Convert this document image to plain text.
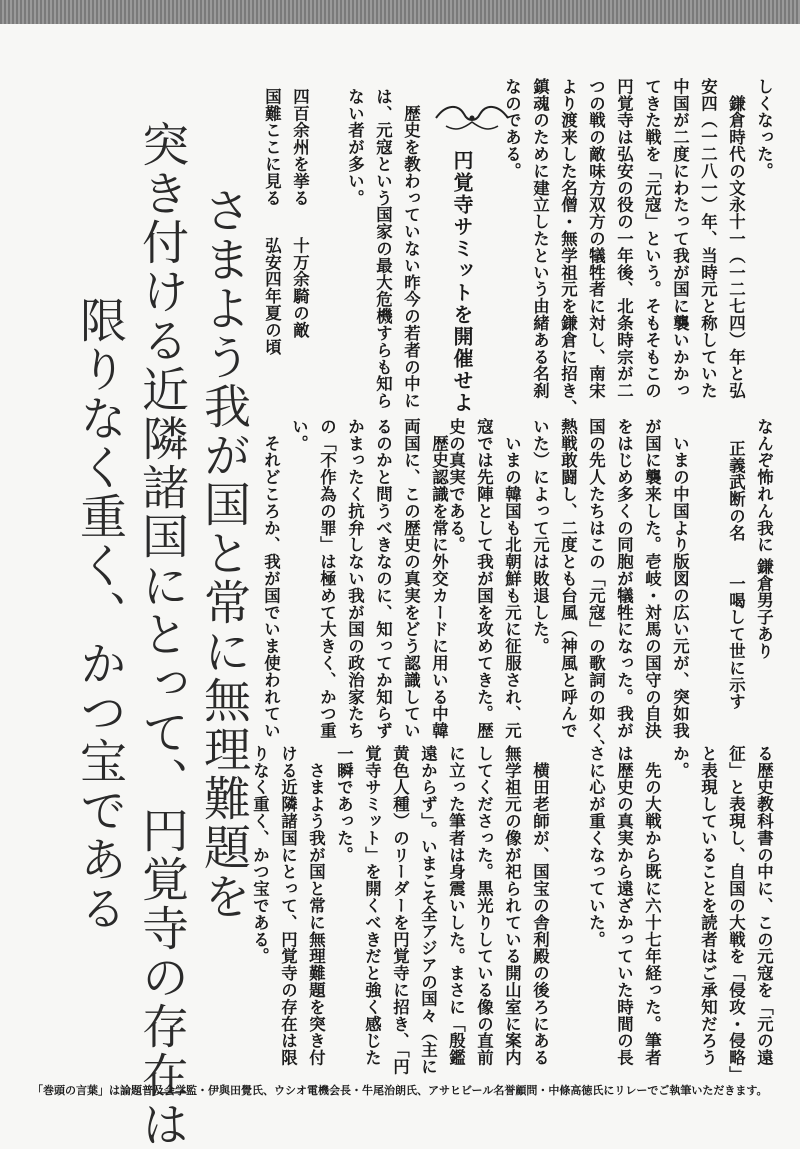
さまよう我が国と常に無理難題を
突き付ける近隣諸国にとって、円覚寺の存在は
限りなく重く、かつ宝である
円覚寺サミットを開催せよ
しくなった。
　鎌倉時代の文永十一（一二七四）年と弘
安四（一二八一）年、当時元と称していた
中国が二度にわたって我が国に襲いかかっ
てきた戦を「元寇」という。そもそもこの
円覚寺は弘安の役の一年後、北条時宗が二
つの戦の敵味方双方の犠牲者に対し、南宋
より渡来した名僧・無学祖元を鎌倉に招き、
鎮魂のために建立したという由緒ある名刹
なのである。
　歴史を教わっていない昨今の若者の中に
は、元寇という国家の最大危機すらも知ら
ない者が多い。
四百余州を挙る
十万余騎の敵
国難ここに見る
弘安四年夏の頃
なんぞ怖れん我に
正義武断の名
鎌倉男子あり
一喝して世に示す
　いまの中国より版図の広い元が、突如我
が国に襲来した。壱岐・対馬の国守の自決
をはじめ多くの同胞が犠牲になった。我が
国の先人たちはこの「元寇」の歌詞の如く、
熱戦敢闘し、二度とも台風（神風と呼んで
いた）によって元は敗退した。
　いまの韓国も北朝鮮も元に征服され、元
寇では先陣として我が国を攻めてきた。歴
史の真実である。
　歴史認識を常に外交カードに用いる中韓
両国に、この歴史の真実をどう認識してい
るのかと問うべきなのに、知ってか知らず
かまったく抗弁しない我が国の政治家たち
の「不作為の罪」は極めて大きく、かつ重
い。
　それどころか、我が国でいま使われてい
る歴史教科書の中に、この元寇を「元の遠
征」と表現し、自国の大戦を「侵攻・侵略」
と表現していることを読者はご承知だろう
か。
　先の大戦から既に六十七年経った。筆者
は歴史の真実から遠ざかっていた時間の長
さに心が重くなっていた。
　横田老師が、国宝の舎利殿の後ろにある
無学祖元の像が祀られている開山室に案内
してくださった。黒光りしている像の直前
に立った筆者は身震いした。まさに「殷鑑
遠からず」。いまこそ全アジアの国々（主に
黄色人種）のリーダーを円覚寺に招き、「円
覚寺サミット」を開くべきだと強く感じた
一瞬であった。
　さまよう我が国と常に無理難題を突き付
ける近隣諸国にとって、円覚寺の存在は限
りなく重く、かつ宝である。
「巻頭の言葉」は論題普及会学監・伊與田覺氏、ウシオ電機会長・牛尾治朗氏、アサヒビール名誉顧問・中條高徳氏にリレーでご執筆いただきます。
